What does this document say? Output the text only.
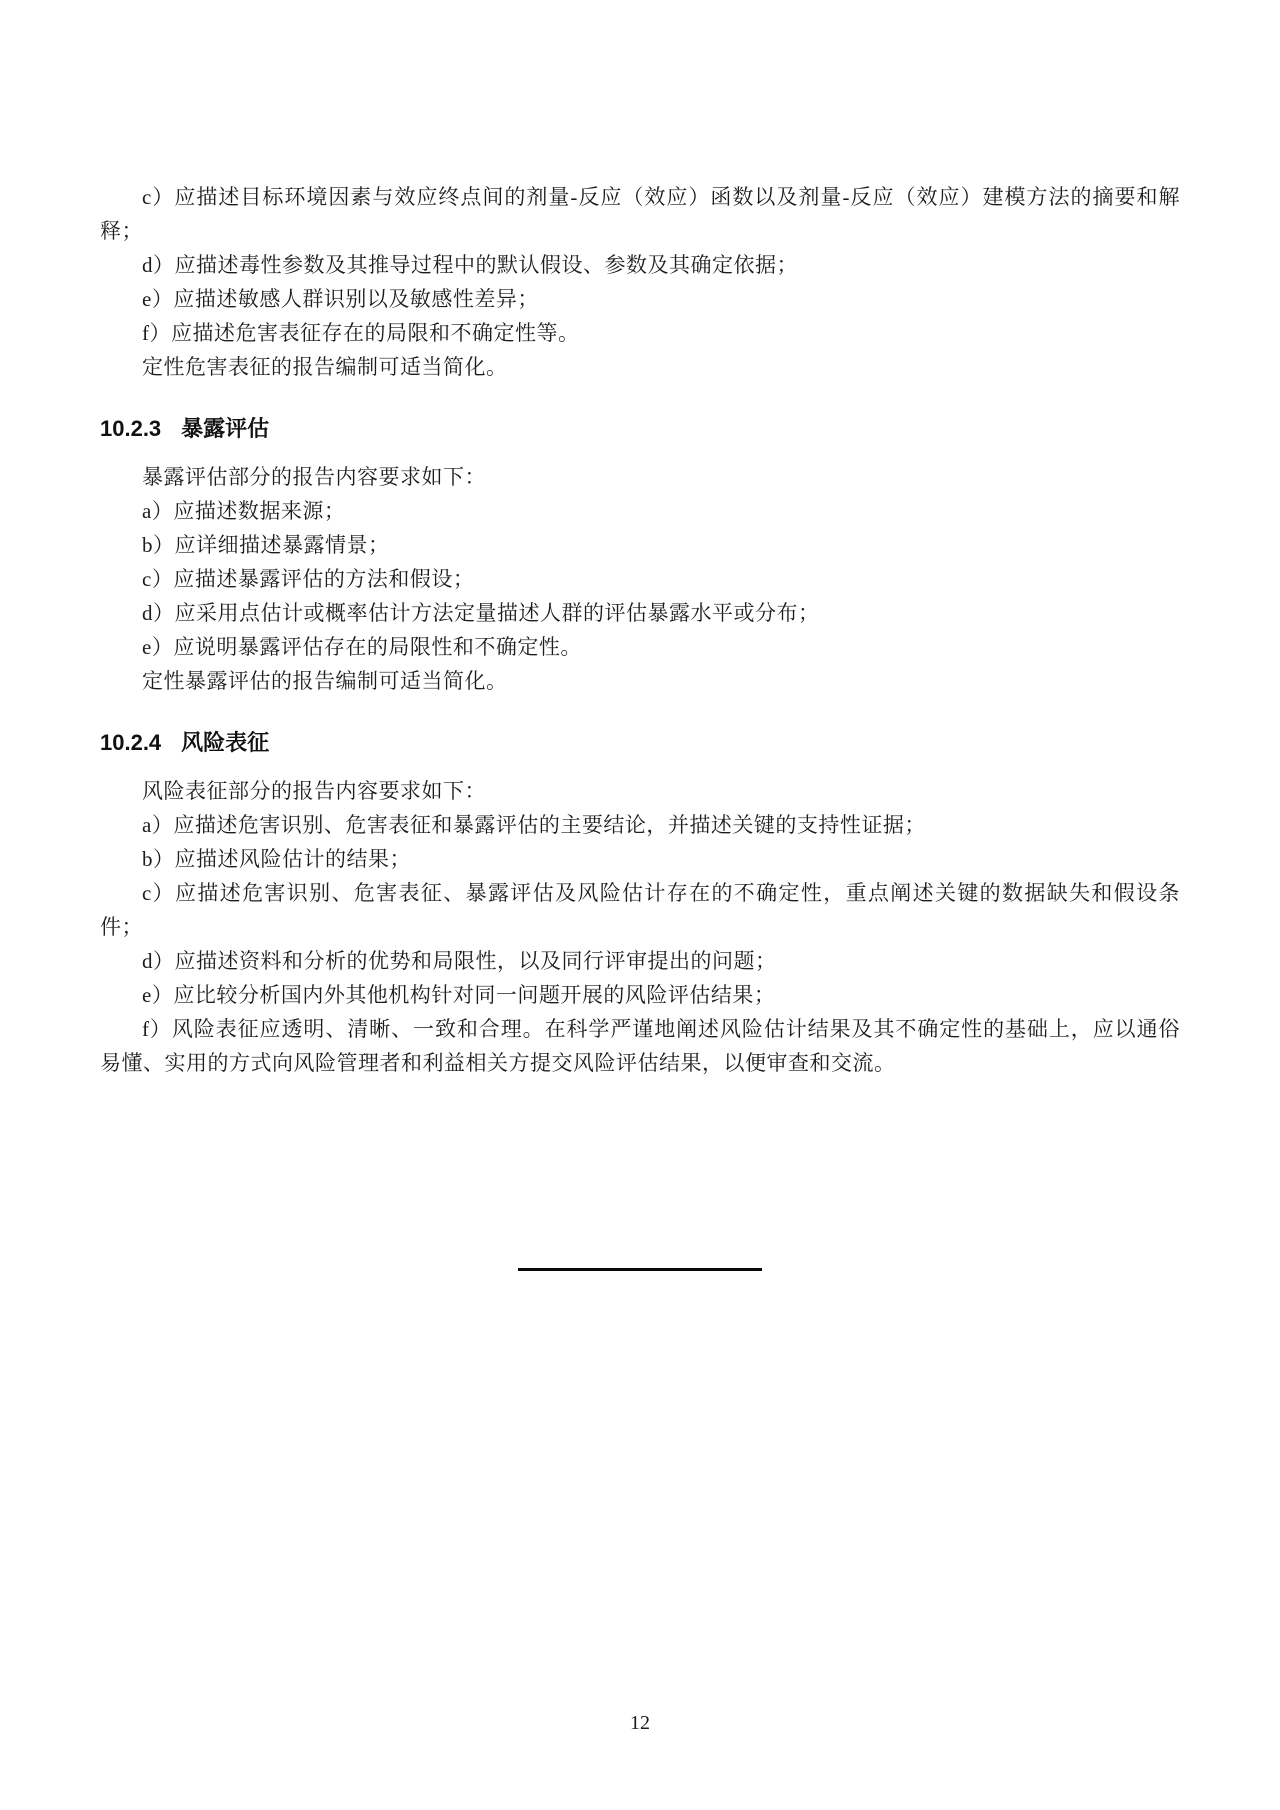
c）应描述目标环境因素与效应终点间的剂量-反应（效应）函数以及剂量-反应（效应）建模方法的摘要和解释；

d）应描述毒性参数及其推导过程中的默认假设、参数及其确定依据；

e）应描述敏感人群识别以及敏感性差异；

f）应描述危害表征存在的局限和不确定性等。

定性危害表征的报告编制可适当简化。

10.2.3 暴露评估

暴露评估部分的报告内容要求如下：

a）应描述数据来源；

b）应详细描述暴露情景；

c）应描述暴露评估的方法和假设；

d）应采用点估计或概率估计方法定量描述人群的评估暴露水平或分布；

e）应说明暴露评估存在的局限性和不确定性。

定性暴露评估的报告编制可适当简化。

10.2.4 风险表征

风险表征部分的报告内容要求如下：

a）应描述危害识别、危害表征和暴露评估的主要结论，并描述关键的支持性证据；

b）应描述风险估计的结果；

c）应描述危害识别、危害表征、暴露评估及风险估计存在的不确定性，重点阐述关键的数据缺失和假设条件；

d）应描述资料和分析的优势和局限性，以及同行评审提出的问题；

e）应比较分析国内外其他机构针对同一问题开展的风险评估结果；

f）风险表征应透明、清晰、一致和合理。在科学严谨地阐述风险估计结果及其不确定性的基础上，应以通俗易懂、实用的方式向风险管理者和利益相关方提交风险评估结果，以便审查和交流。

12
